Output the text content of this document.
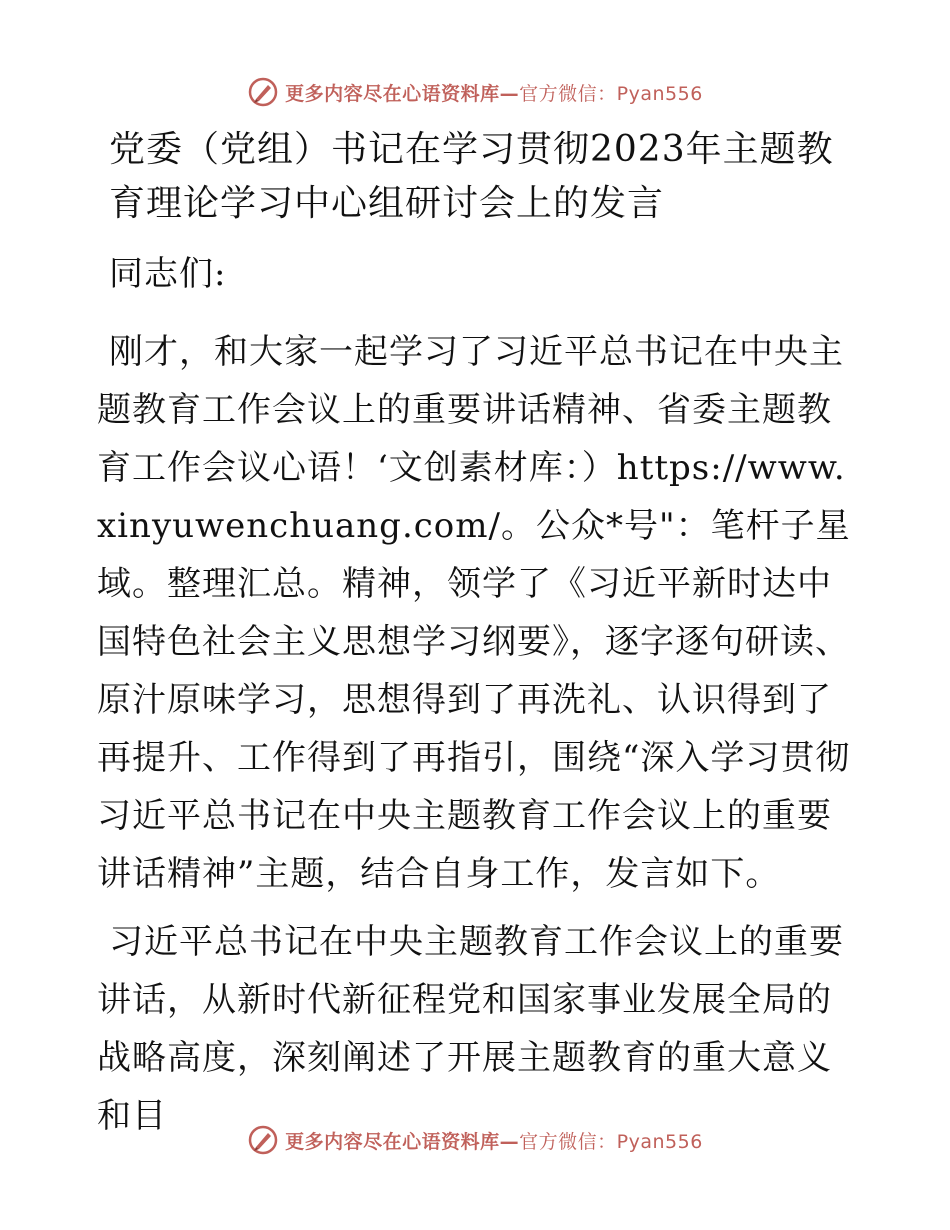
更多内容尽在心语资料库—官方微信：Pyan556
党委（党组）书记在学习贯彻2023年主题教育理论学习中心组研讨会上的发言

同志们:

刚才，和大家一起学习了习近平总书记在中央主题教育工作会议上的重要讲话精神、省委主题教育工作会议心语！‘文创素材库：）https://www.xinyuwenchuang.com/。公众*号"：笔杆子星域。整理汇总。精神，领学了《习近平新时达中国特色社会主义思想学习纲要》，逐字逐句研读、原汁原味学习，思想得到了再洗礼、认识得到了再提升、工作得到了再指引，围绕“深入学习贯彻习近平总书记在中央主题教育工作会议上的重要讲话精神”主题，结合自身工作，发言如下。

习近平总书记在中央主题教育工作会议上的重要讲话，从新时代新征程党和国家事业发展全局的战略高度，深刻阐述了开展主题教育的重大意义和目

更多内容尽在心语资料库—官方微信：Pyan556
